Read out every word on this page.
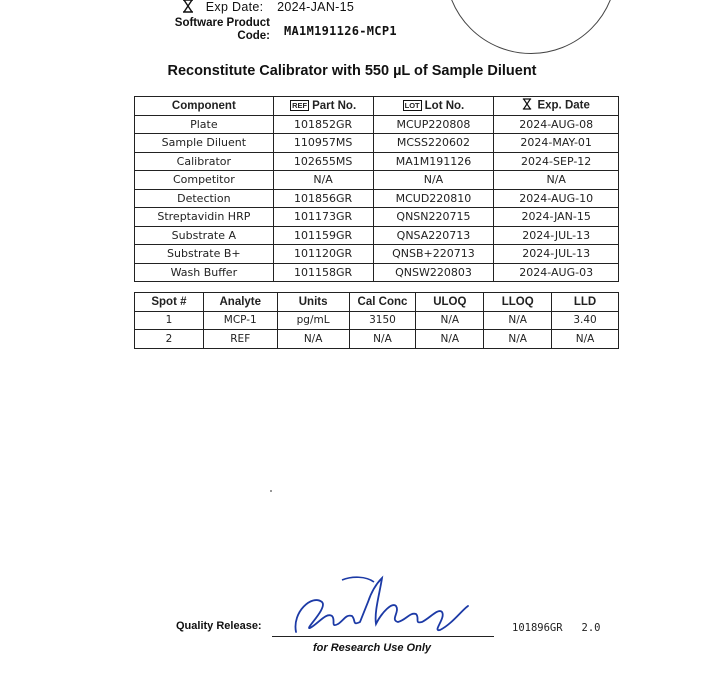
Exp Date: 2024-JAN-15
Software Product
Code: MA1M191126-MCP1
Reconstitute Calibrator with 550 µL of Sample Diluent
Component	REF Part No.	LOT Lot No.	Exp. Date
Plate	101852GR	MCUP220808	2024-AUG-08
Sample Diluent	110957MS	MCSS220602	2024-MAY-01
Calibrator	102655MS	MA1M191126	2024-SEP-12
Competitor	N/A	N/A	N/A
Detection	101856GR	MCUD220810	2024-AUG-10
Streptavidin HRP	101173GR	QNSN220715	2024-JAN-15
Substrate A	101159GR	QNSA220713	2024-JUL-13
Substrate B+	101120GR	QNSB+220713	2024-JUL-13
Wash Buffer	101158GR	QNSW220803	2024-AUG-03
Spot #	Analyte	Units	Cal Conc	ULOQ	LLOQ	LLD
1	MCP-1	pg/mL	3150	N/A	N/A	3.40
2	REF	N/A	N/A	N/A	N/A	N/A
Quality Release:	101896GR   2.0
for Research Use Only
